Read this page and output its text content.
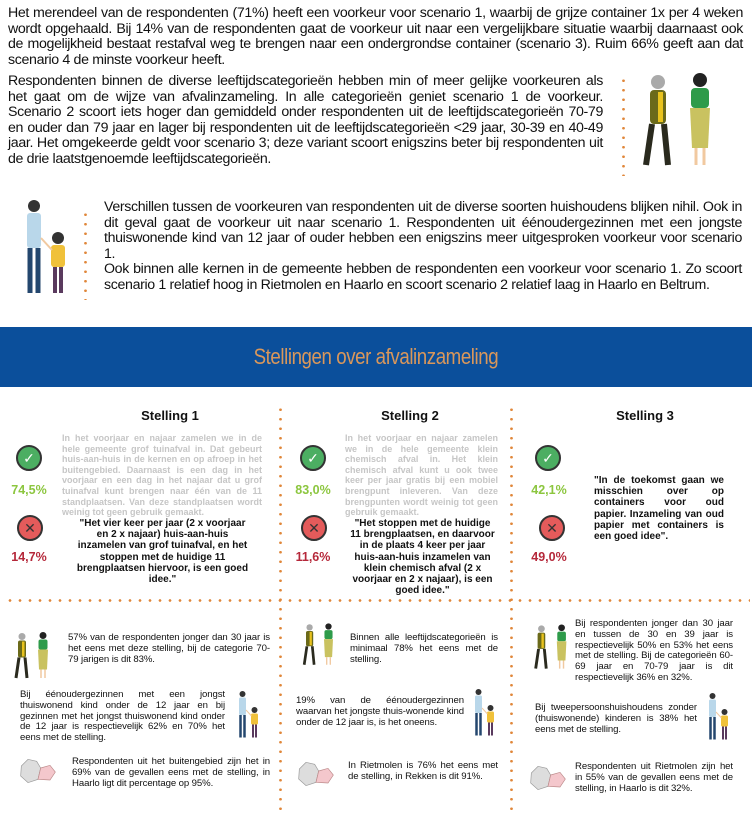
Het merendeel van de respondenten (71%) heeft een voorkeur voor scenario 1, waarbij de grijze container 1x per 4 weken wordt opgehaald. Bij 14% van de respondenten gaat de voorkeur uit naar een vergelijkbare situatie waarbij daarnaast ook de mogelijkheid bestaat restafval weg te brengen naar een ondergrondse container (scenario 3). Ruim 66% geeft aan dat scenario 4 de minste voorkeur heeft.
Respondenten binnen de diverse leeftijdscategorieën hebben min of meer gelijke voorkeuren als het gaat om de wijze van afvalinzameling. In alle categorieën geniet scenario 1 de voorkeur. Scenario 2 scoort iets hoger dan gemiddeld onder respondenten uit de leeftijdscategorieën 70-79 en ouder dan 79 jaar en lager bij respondenten uit de leeftijdscategorieën <29 jaar, 30-39 en 40-49 jaar. Het omgekeerde geldt voor scenario 3; deze variant scoort enigszins beter bij respondenten uit de drie laatstgenoemde leeftijdscategorieën.
Verschillen tussen de voorkeuren van respondenten uit de diverse soorten huishoudens blijken nihil. Ook in dit geval gaat de voorkeur uit naar scenario 1. Respondenten uit éénoudergezinnen met een jongste thuiswonende kind van 12 jaar of ouder hebben een enigszins meer uitgesproken voorkeur voor scenario 1.
Ook binnen alle kernen in de gemeente hebben de respondenten een voorkeur voor scenario 1. Zo scoort scenario 1 relatief hoog in Rietmolen en Haarlo en scoort scenario 2 relatief laag in Haarlo en Beltrum.
Stellingen over afvalinzameling
Stelling 1
✓
74,5%
✕
14,7%
In het voorjaar en najaar zamelen we in de hele gemeente grof tuinafval in. Dat gebeurt huis-aan-huis in de kernen en op afroep in het buitengebied. Daarnaast is een dag in het voorjaar en een dag in het najaar dat u grof tuinafval kunt brengen naar één van de 11 standplaatsen. Van deze standplaatsen wordt weinig tot geen gebruik gemaakt.
"Het vier keer per jaar (2 x voorjaar en 2 x najaar) huis-aan-huis inzamelen van grof tuinafval, en het stoppen met de huidige 11 brengplaatsen hiervoor, is een goed idee."
Stelling 2
✓
83,0%
✕
11,6%
In het voorjaar en najaar zamelen we in de hele gemeente klein chemisch afval in. Het klein chemisch afval kunt u ook twee keer per jaar gratis bij een mobiel brengpunt inleveren. Van deze brengpunten wordt weinig tot geen gebruik gemaakt.
"Het stoppen met de huidige 11 brengplaatsen, en daarvoor in de plaats 4 keer per jaar huis-aan-huis inzamelen van klein chemisch afval (2 x voorjaar en 2 x najaar), is een goed idee."
Stelling 3
✓
42,1%
✕
49,0%
"In de toekomst gaan we misschien over op containers voor oud papier. Inzameling van oud papier met containers is een goed idee".
57% van de respondenten jonger dan 30 jaar is het eens met deze stelling, bij de categorie 70-79 jarigen is dit 83%.
Bij éénoudergezinnen met een jongst thuiswonend kind onder de 12 jaar en bij gezinnen met het jongst thuiswonend kind onder de 12 jaar is respectievelijk 62% en 70% het eens met de stelling.
Respondenten uit het buitengebied zijn het in 69% van de gevallen eens met de stelling, in Haarlo ligt dit percentage op 95%.
Binnen alle leeftijdscategorieën is minimaal 78% het eens met de stelling.
19% van de éénoudergezinnen waarvan het jongste thuis-wonende kind onder de 12 jaar is, is het oneens.
In Rietmolen is 76% het eens met de stelling, in Rekken is dit 91%.
Bij respondenten jonger dan 30 jaar en tussen de 30 en 39 jaar is respectievelijk 50% en 53% het eens met de stelling. Bij de categorieën 60-69 jaar en 70-79 jaar is dit respectievelijk 36% en 32%.
Bij tweepersoonshuishoudens zonder (thuiswonende) kinderen is 38% het eens met de stelling.
Respondenten uit Rietmolen zijn het in 55% van de gevallen eens met de stelling, in Haarlo is dit 32%.
